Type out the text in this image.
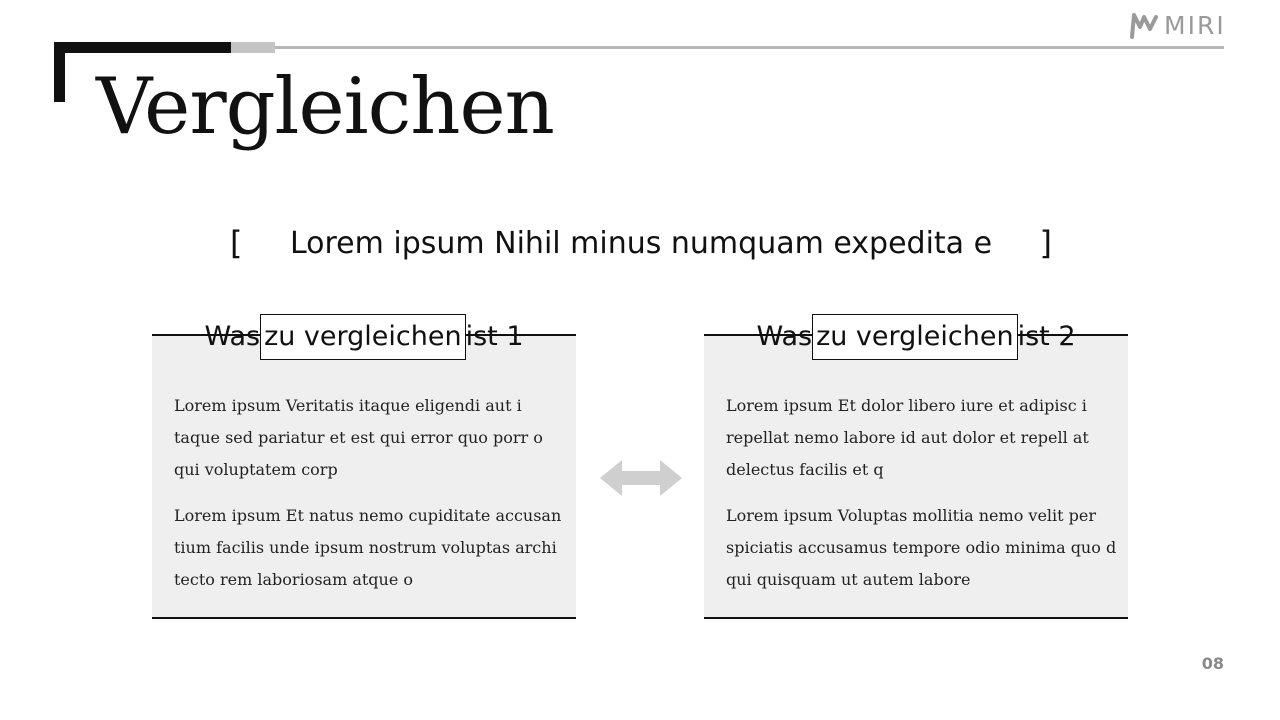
MIRI
Vergleichen
[	Lorem ipsum Nihil minus numquam expedita e	]
Waszu vergleichenist 1

Lorem ipsum Veritatis itaque eligendi aut i taque sed pariatur et est qui error quo porr o qui voluptatem corp

Lorem ipsum Et natus nemo cupiditate accusan tium facilis unde ipsum nostrum voluptas archi tecto rem laboriosam atque o

Waszu vergleichenist 2

Lorem ipsum Et dolor libero iure et adipisc i repellat nemo labore id aut dolor et repell at delectus facilis et q

Lorem ipsum Voluptas mollitia nemo velit per spiciatis accusamus tempore odio minima quo d qui quisquam ut autem labore

08
